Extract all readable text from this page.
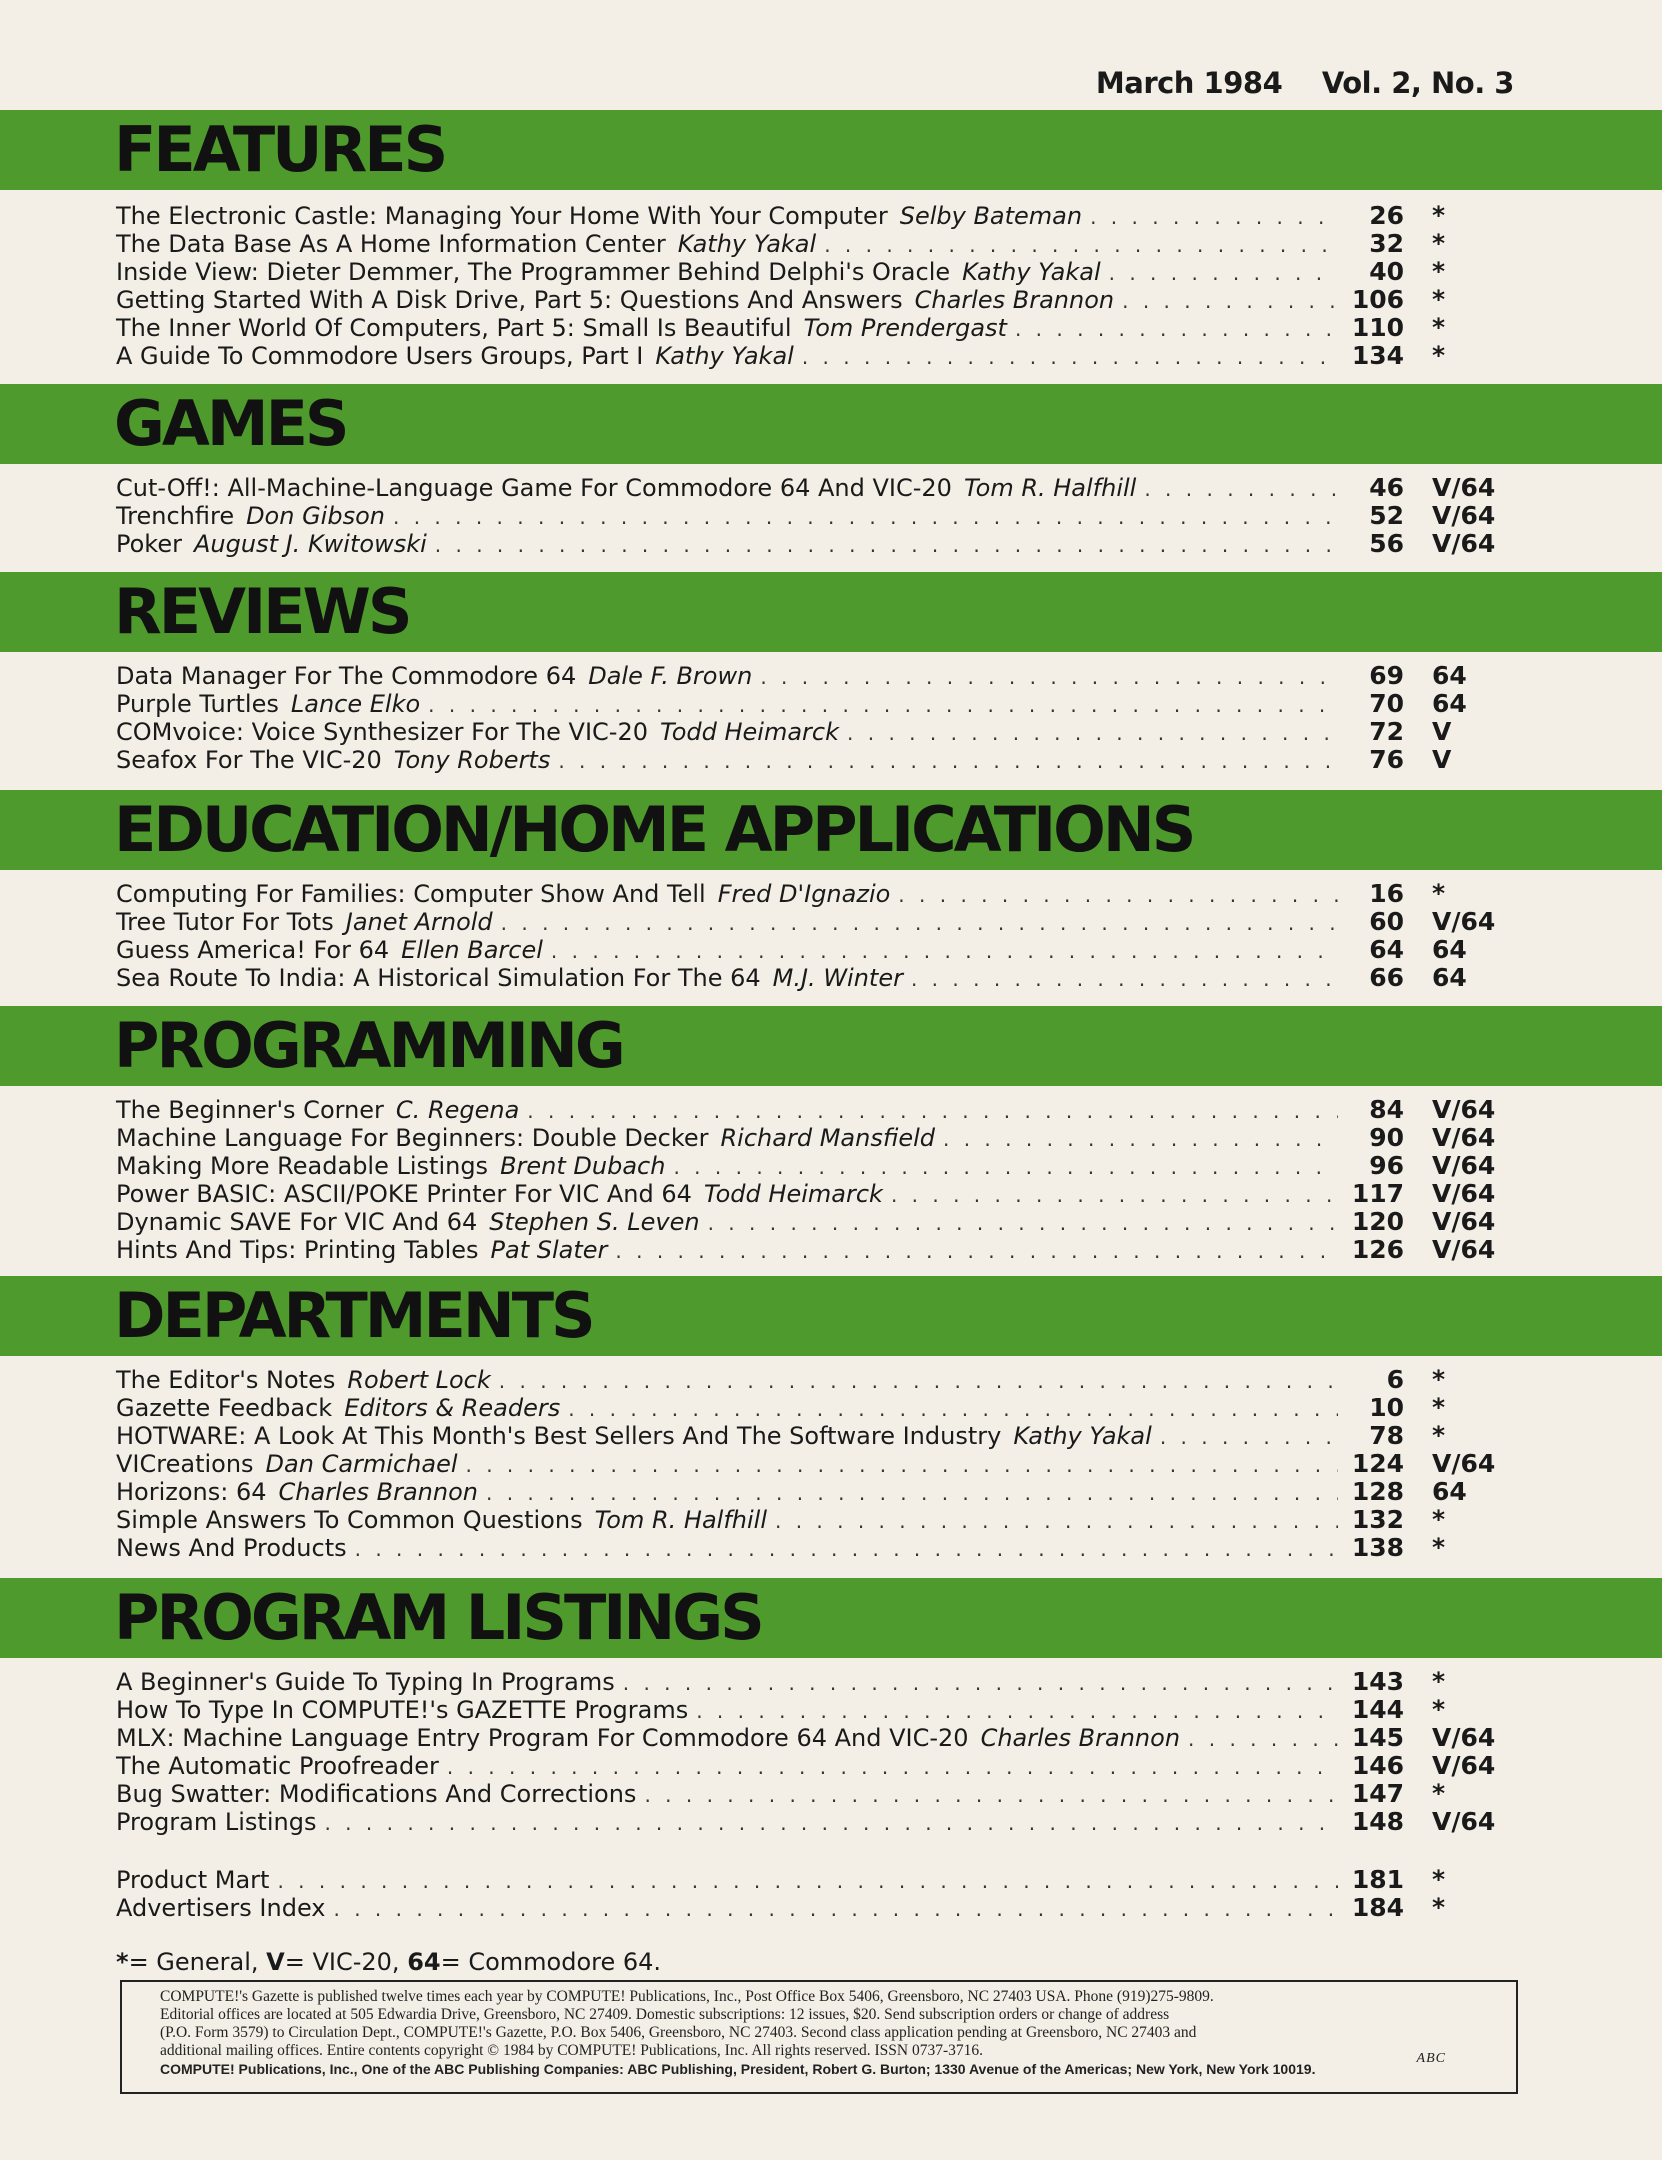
March 1984 Vol. 2, No. 3
FEATURES
The Electronic Castle: Managing Your Home With Your Computer Selby Bateman . . .	26 *
The Data Base As A Home Information Center Kathy Yakal . . .	32 *
Inside View: Dieter Demmer, The Programmer Behind Delphi's Oracle Kathy Yakal . . .	40 *
Getting Started With A Disk Drive, Part 5: Questions And Answers Charles Brannon . . .	106 *
The Inner World Of Computers, Part 5: Small Is Beautiful Tom Prendergast . . .	110 *
A Guide To Commodore Users Groups, Part I Kathy Yakal . . .	134 *
GAMES
Cut-Off!: All-Machine-Language Game For Commodore 64 And VIC-20 Tom R. Halfhill . . .	46 V/64
Trenchfire Don Gibson . . .	52 V/64
Poker August J. Kwitowski . . .	56 V/64
REVIEWS
Data Manager For The Commodore 64 Dale F. Brown . . .	69 64
Purple Turtles Lance Elko . . .	70 64
COMvoice: Voice Synthesizer For The VIC-20 Todd Heimarck . . .	72 V
Seafox For The VIC-20 Tony Roberts . . .	76 V
EDUCATION/HOME APPLICATIONS
Computing For Families: Computer Show And Tell Fred D'Ignazio . . .	16 *
Tree Tutor For Tots Janet Arnold . . .	60 V/64
Guess America! For 64 Ellen Barcel . . .	64 64
Sea Route To India: A Historical Simulation For The 64 M.J. Winter . . .	66 64
PROGRAMMING
The Beginner's Corner C. Regena . . .	84 V/64
Machine Language For Beginners: Double Decker Richard Mansfield . . .	90 V/64
Making More Readable Listings Brent Dubach . . .	96 V/64
Power BASIC: ASCII/POKE Printer For VIC And 64 Todd Heimarck . . .	117 V/64
Dynamic SAVE For VIC And 64 Stephen S. Leven . . .	120 V/64
Hints And Tips: Printing Tables Pat Slater . . .	126 V/64
DEPARTMENTS
The Editor's Notes Robert Lock . . .	6 *
Gazette Feedback Editors & Readers . . .	10 *
HOTWARE: A Look At This Month's Best Sellers And The Software Industry Kathy Yakal . . .	78 *
VICreations Dan Carmichael . . .	124 V/64
Horizons: 64 Charles Brannon . . .	128 64
Simple Answers To Common Questions Tom R. Halfhill . . .	132 *
News And Products . . .	138 *
PROGRAM LISTINGS
A Beginner's Guide To Typing In Programs . . .	143 *
How To Type In COMPUTE!'s GAZETTE Programs . . .	144 *
MLX: Machine Language Entry Program For Commodore 64 And VIC-20 Charles Brannon . . .	145 V/64
The Automatic Proofreader . . .	146 V/64
Bug Swatter: Modifications And Corrections . . .	147 *
Program Listings . . .	148 V/64
Product Mart . . .	181 *
Advertisers Index . . .	184 *
*= General, V= VIC-20, 64= Commodore 64.

COMPUTE!'s Gazette is published twelve times each year by COMPUTE! Publications, Inc., Post Office Box 5406, Greensboro, NC 27403 USA. Phone (919)275-9809.

Editorial offices are located at 505 Edwardia Drive, Greensboro, NC 27409. Domestic subscriptions: 12 issues, $20. Send subscription orders or change of address

(P.O. Form 3579) to Circulation Dept., COMPUTE!'s Gazette, P.O. Box 5406, Greensboro, NC 27403. Second class application pending at Greensboro, NC 27403 and

additional mailing offices. Entire contents copyright © 1984 by COMPUTE! Publications, Inc. All rights reserved. ISSN 0737-3716.

COMPUTE! Publications, Inc., One of the ABC Publishing Companies: ABC Publishing, President, Robert G. Burton; 1330 Avenue of the Americas; New York, New York 10019.

ABC
